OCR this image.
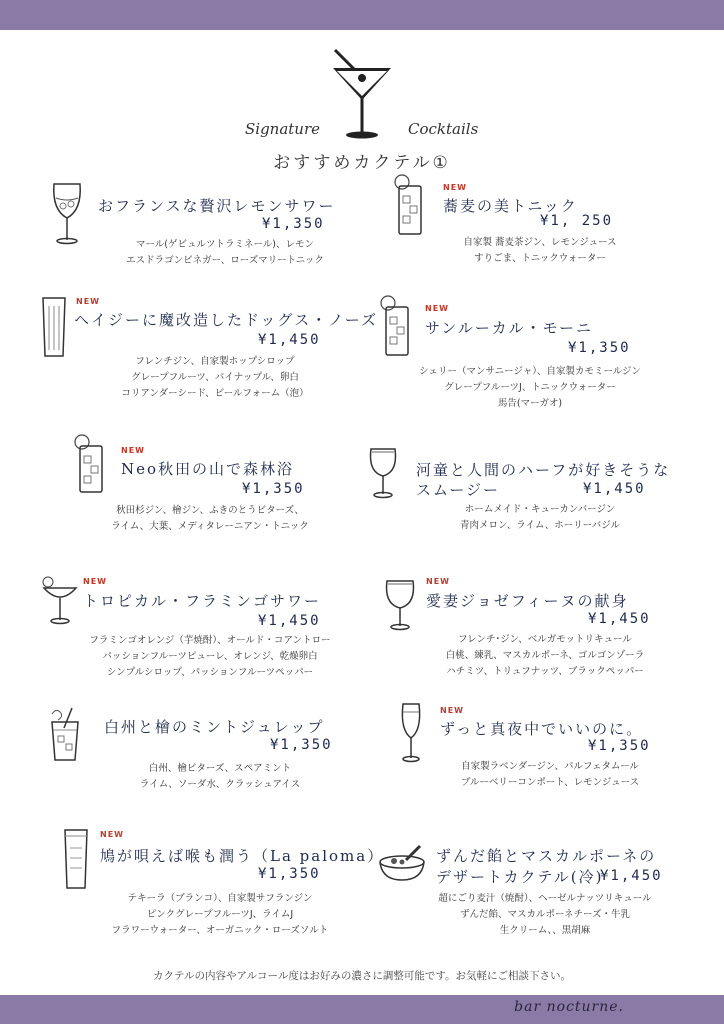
Signature	Cocktails
おすすめカクテル①
おフランスな贅沢レモンサワー
¥1,350
マール(ゲビュルツトラミネール)、レモン
エスドラゴンビネガー、ローズマリートニック
NEW
蕎麦の美トニック
¥1, 250
自家製 蕎麦茶ジン、レモンジュース
すりごま、トニックウォーター
NEW
ヘイジーに魔改造したドッグス・ノーズ
¥1,450
フレンチジン、自家製ホップシロップ
グレープフルーツ、パイナップル、卵白
コリアンダーシード、ビールフォーム（泡）
NEW
サンルーカル・モーニ
¥1,350
シェリー（マンサニージャ）、自家製カモミールジン
グレープフルーツJ、トニックウォーター
馬告(マーガオ)
NEW
Neo秋田の山で森林浴
¥1,350
秋田杉ジン、檜ジン、ふきのとうビターズ、
ライム、大葉、メディタレーニアン・トニック
河童と人間のハーフが好きそうな
スムージー	¥1,450
ホームメイド・キューカンバージン
青肉メロン、ライム、ホーリーバジル
NEW
トロピカル・フラミンゴサワー
¥1,450
フラミンゴオレンジ（芋焼酎）、オールド・コアントロー
パッションフルーツピューレ、オレンジ、乾燥卵白
シンプルシロップ、パッションフルーツペッパー
NEW
愛妻ジョゼフィーヌの献身
¥1,450
フレンチ･ジン、ベルガモットリキュール
白桃、練乳、マスカルポーネ、ゴルゴンゾーラ
ハチミツ、トリュフナッツ、ブラックペッパー
白州と檜のミントジュレップ
¥1,350
白州、檜ビターズ、スペアミント
ライム、ソーダ水、クラッシュアイス
NEW
ずっと真夜中でいいのに。
¥1,350
自家製ラベンダージン、パルフェタムール
ブルーベリーコンポート、レモンジュース
NEW
鳩が唄えば喉も潤う（La paloma）
¥1,350
テキーラ（ブランコ）、自家製サフランジン
ピンクグレープフルーツJ、ライムJ
フラワーウォーター、オーガニック・ローズソルト
ずんだ餡とマスカルポーネの
デザートカクテル(冷)
¥1,450
超にごり麦汁（焼酎）、ヘーゼルナッツリキュール
ずんだ餡、マスカルポーネチーズ・牛乳
生クリーム、、黒胡麻
カクテルの内容やアルコール度はお好みの濃さに調整可能です。お気軽にご相談下さい。
bar nocturne.
